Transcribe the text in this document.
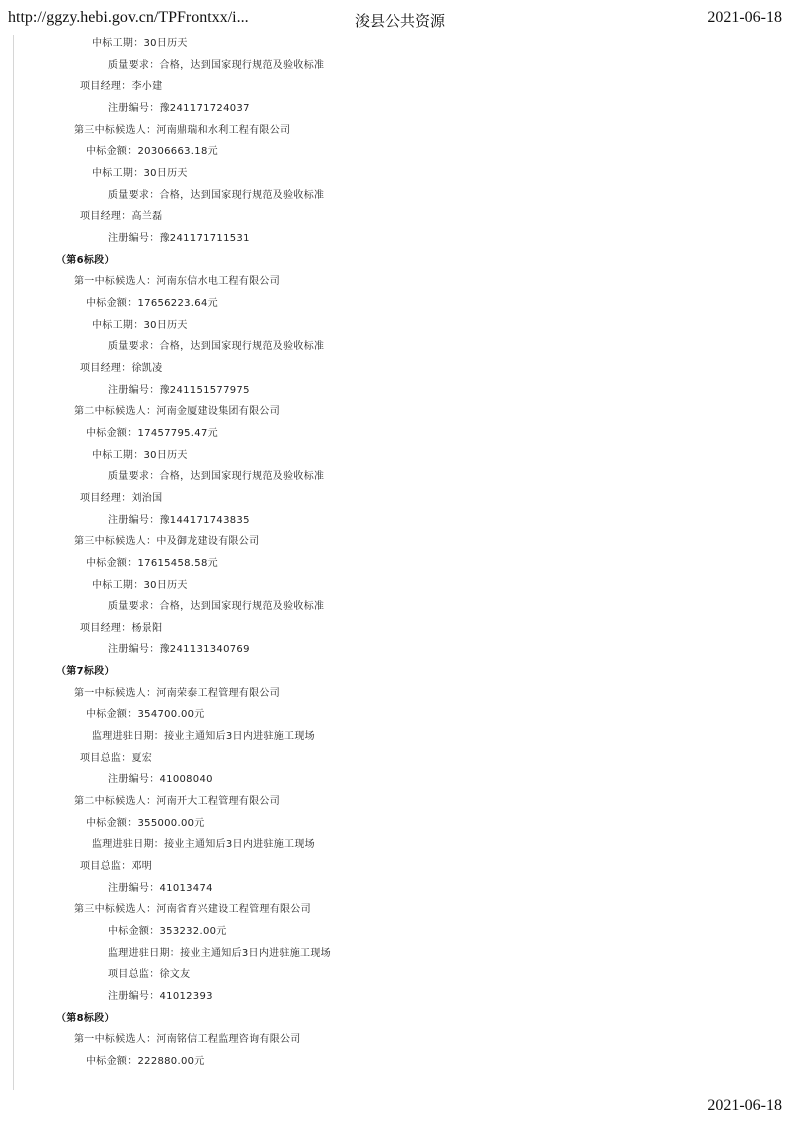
http://ggzy.hebi.gov.cn/TPFrontxx/i...	浚县公共资源	2021-06-18
中标工期：30日历天
质量要求：合格，达到国家现行规范及验收标准
项目经理：李小建
注册编号：豫241171724037
第三中标候选人：河南鼎瑞和水利工程有限公司
中标金额：20306663.18元
中标工期：30日历天
质量要求：合格，达到国家现行规范及验收标准
项目经理：高兰磊
注册编号：豫241171711531
（第6标段）
第一中标候选人：河南东信水电工程有限公司
中标金额：17656223.64元
中标工期：30日历天
质量要求：合格，达到国家现行规范及验收标准
项目经理：徐凯凌
注册编号：豫241151577975
第二中标候选人：河南金厦建设集团有限公司
中标金额：17457795.47元
中标工期：30日历天
质量要求：合格，达到国家现行规范及验收标准
项目经理：刘治国
注册编号：豫144171743835
第三中标候选人：中及御龙建设有限公司
中标金额：17615458.58元
中标工期：30日历天
质量要求：合格，达到国家现行规范及验收标准
项目经理：杨景阳
注册编号：豫241131340769
（第7标段）
第一中标候选人：河南荣泰工程管理有限公司
中标金额：354700.00元
监理进驻日期：接业主通知后3日内进驻施工现场
项目总监：夏宏
注册编号：41008040
第二中标候选人：河南开大工程管理有限公司
中标金额：355000.00元
监理进驻日期：接业主通知后3日内进驻施工现场
项目总监：邓明
注册编号：41013474
第三中标候选人：河南省育兴建设工程管理有限公司
中标金额：353232.00元
监理进驻日期：接业主通知后3日内进驻施工现场
项目总监：徐文友
注册编号：41012393
（第8标段）
第一中标候选人：河南铭信工程监理咨询有限公司
中标金额：222880.00元
2021-06-18
